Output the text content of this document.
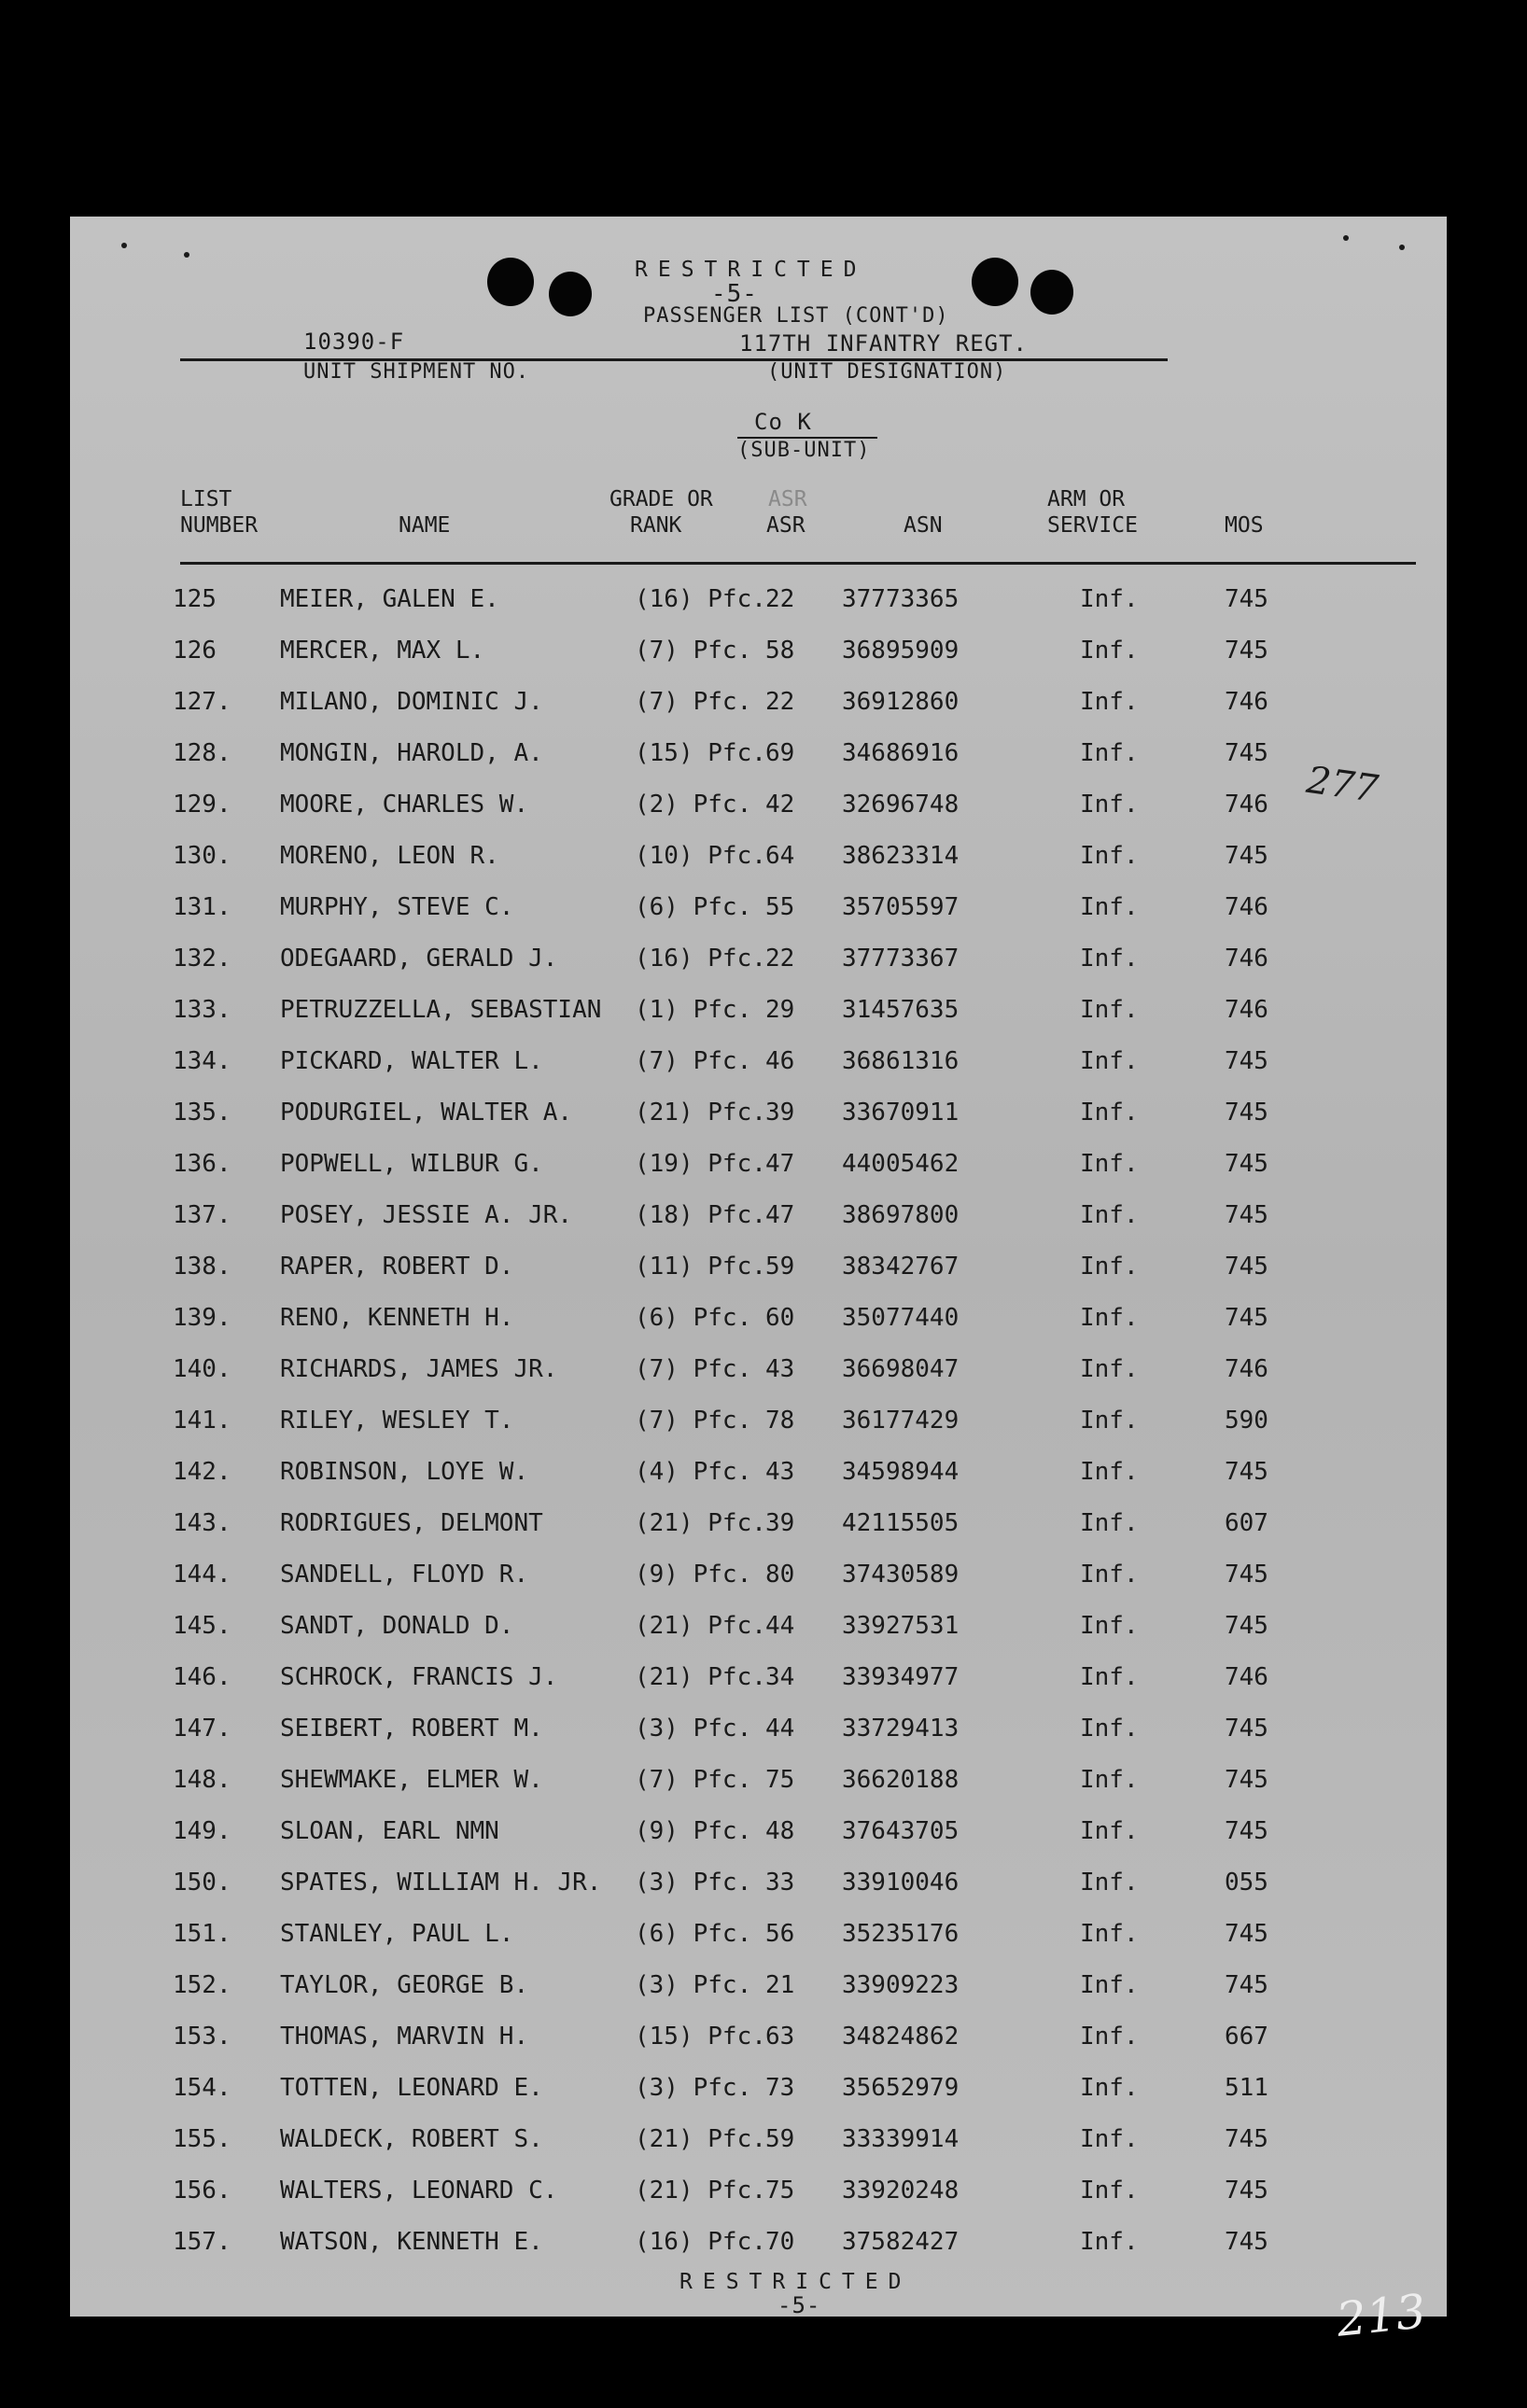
RESTRICTED
-5-
PASSENGER LIST (CONT'D)
10390-F
UNIT SHIPMENT NO.
117TH INFANTRY REGT.
(UNIT DESIGNATION)
Co K
(SUB-UNIT)
LIST
NUMBER	NAME
GRADE OR
RANK
ASR
ASR	ASN
ARM OR
SERVICE	MOS
125	MEIER, GALEN E.	(16) Pfc. 22 37773365	Inf.	745
126	MERCER, MAX L.	(7) Pfc. 58 36895909	Inf.	745
127. MILANO, DOMINIC J.	(7) Pfc. 22 36912860	Inf.	746
128. MONGIN, HAROLD, A.	(15) Pfc. 69 34686916	Inf.	745
129. MOORE, CHARLES W.	(2) Pfc. 42 32696748	Inf.	746
130. MORENO, LEON R.	(10) Pfc. 64 38623314	Inf.	745
131. MURPHY, STEVE C.	(6) Pfc. 55 35705597	Inf.	746
132. ODEGAARD, GERALD J.	(16) Pfc. 22 37773367	Inf.	746
133. PETRUZZELLA, SEBASTIAN (1) Pfc. 29 31457635	Inf.	746
134. PICKARD, WALTER L.	(7) Pfc. 46 36861316	Inf.	745
135. PODURGIEL, WALTER A.	(21) Pfc. 39 33670911	Inf.	745
136. POPWELL, WILBUR G.	(19) Pfc. 47 44005462	Inf.	745
137. POSEY, JESSIE A. JR.	(18) Pfc. 47 38697800	Inf.	745
138. RAPER, ROBERT D.	(11) Pfc. 59 38342767	Inf.	745
139. RENO, KENNETH H.	(6) Pfc. 60 35077440	Inf.	745
140. RICHARDS, JAMES JR.	(7) Pfc. 43 36698047	Inf.	746
141. RILEY, WESLEY T.	(7) Pfc. 78 36177429	Inf.	590
142. ROBINSON, LOYE W.	(4) Pfc. 43 34598944	Inf.	745
143. RODRIGUES, DELMONT	(21) Pfc. 39 42115505	Inf.	607
144. SANDELL, FLOYD R.	(9) Pfc. 80 37430589	Inf.	745
145. SANDT, DONALD D.	(21) Pfc. 44 33927531	Inf.	745
146. SCHROCK, FRANCIS J.	(21) Pfc. 34 33934977	Inf.	746
147. SEIBERT, ROBERT M.	(3) Pfc. 44 33729413	Inf.	745
148. SHEWMAKE, ELMER W.	(7) Pfc. 75 36620188	Inf.	745
149. SLOAN, EARL NMN	(9) Pfc. 48 37643705	Inf.	745
150. SPATES, WILLIAM H. JR. (3) Pfc. 33 33910046	Inf.	055
151. STANLEY, PAUL L.	(6) Pfc. 56 35235176	Inf.	745
152. TAYLOR, GEORGE B.	(3) Pfc. 21 33909223	Inf.	745
153. THOMAS, MARVIN H.	(15) Pfc. 63 34824862	Inf.	667
154. TOTTEN, LEONARD E.	(3) Pfc. 73 35652979	Inf.	511
155. WALDECK, ROBERT S.	(21) Pfc. 59 33339914	Inf.	745
156. WALTERS, LEONARD C.	(21) Pfc. 75 33920248	Inf.	745
157. WATSON, KENNETH E.	(16) Pfc. 70 37582427	Inf.	745
RESTRICTED
-5-
277
213
